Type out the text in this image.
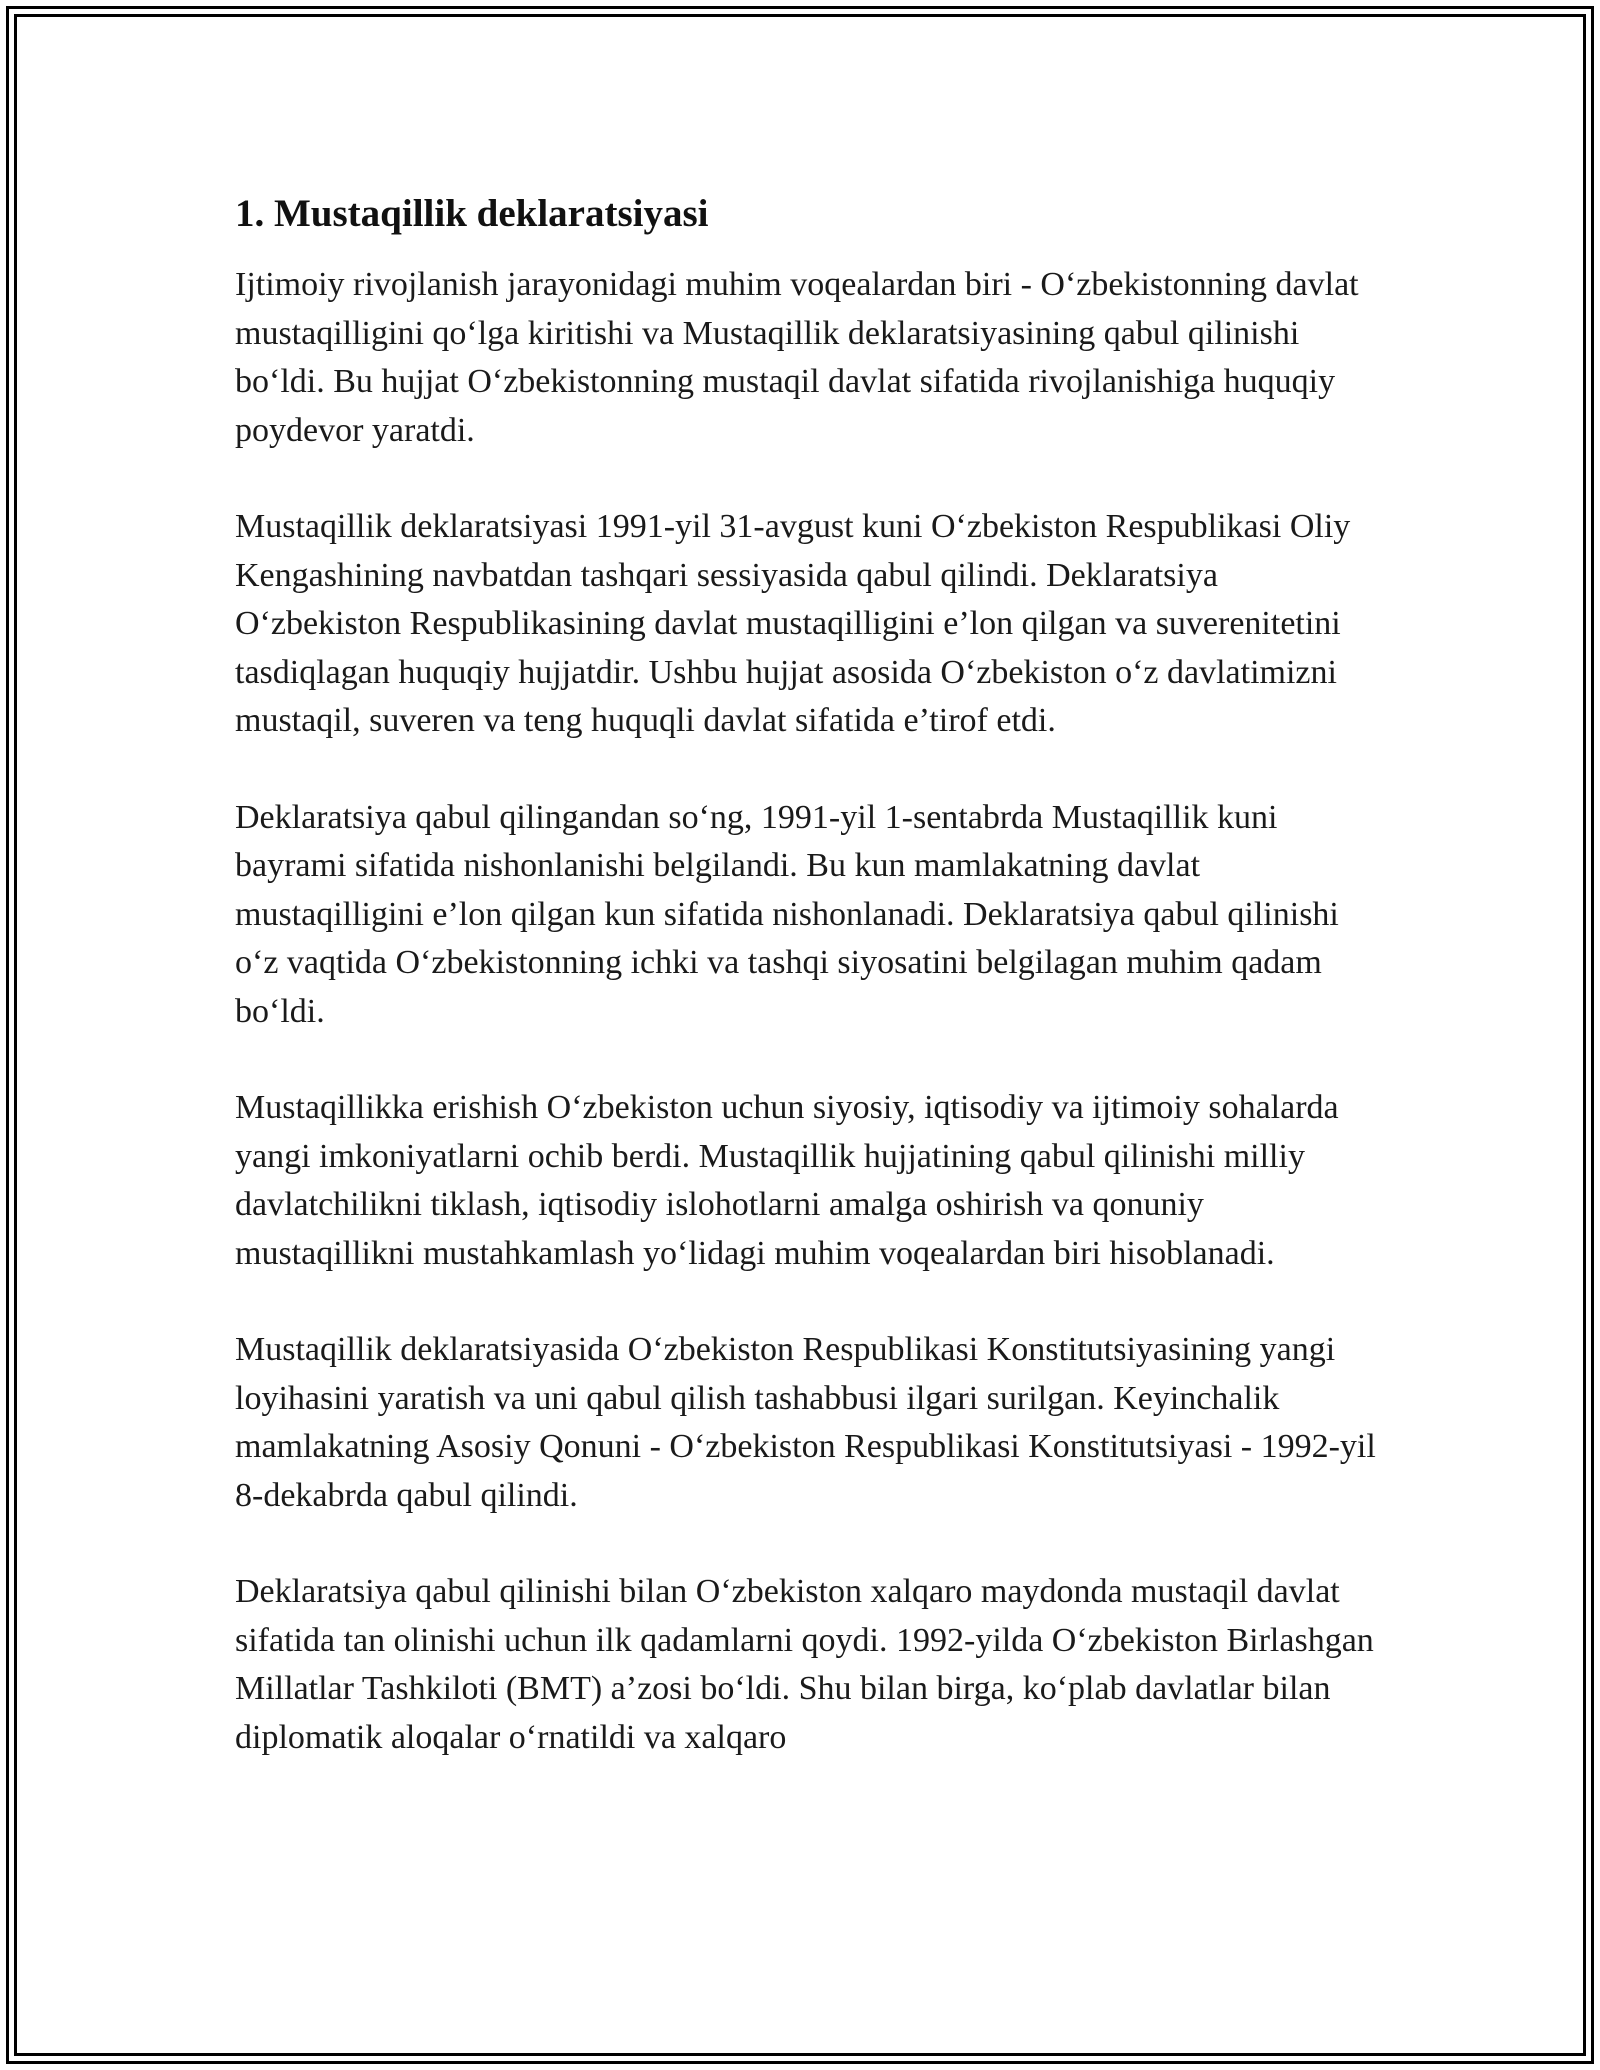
1. Mustaqillik deklaratsiyasi

Ijtimoiy rivojlanish jarayonidagi muhim voqealardan biri - O‘zbekistonning davlat mustaqilligini qo‘lga kiritishi va Mustaqillik deklaratsiyasining qabul qilinishi bo‘ldi. Bu hujjat O‘zbekistonning mustaqil davlat sifatida rivojlanishiga huquqiy poydevor yaratdi.

Mustaqillik deklaratsiyasi 1991-yil 31-avgust kuni O‘zbekiston Respublikasi Oliy Kengashining navbatdan tashqari sessiyasida qabul qilindi. Deklaratsiya O‘zbekiston Respublikasining davlat mustaqilligini e’lon qilgan va suverenitetini tasdiqlagan huquqiy hujjatdir. Ushbu hujjat asosida O‘zbekiston o‘z davlatimizni mustaqil, suveren va teng huquqli davlat sifatida e’tirof etdi.

Deklaratsiya qabul qilingandan so‘ng, 1991-yil 1-sentabrda Mustaqillik kuni bayrami sifatida nishonlanishi belgilandi. Bu kun mamlakatning davlat mustaqilligini e’lon qilgan kun sifatida nishonlanadi. Deklaratsiya qabul qilinishi o‘z vaqtida O‘zbekistonning ichki va tashqi siyosatini belgilagan muhim qadam bo‘ldi.

Mustaqillikka erishish O‘zbekiston uchun siyosiy, iqtisodiy va ijtimoiy sohalarda yangi imkoniyatlarni ochib berdi. Mustaqillik hujjatining qabul qilinishi milliy davlatchilikni tiklash, iqtisodiy islohotlarni amalga oshirish va qonuniy mustaqillikni mustahkamlash yo‘lidagi muhim voqealardan biri hisoblanadi.

Mustaqillik deklaratsiyasida O‘zbekiston Respublikasi Konstitutsiyasining yangi loyihasini yaratish va uni qabul qilish tashabbusi ilgari surilgan. Keyinchalik mamlakatning Asosiy Qonuni - O‘zbekiston Respublikasi Konstitutsiyasi - 1992-yil 8-dekabrda qabul qilindi.

Deklaratsiya qabul qilinishi bilan O‘zbekiston xalqaro maydonda mustaqil davlat sifatida tan olinishi uchun ilk qadamlarni qoydi. 1992-yilda O‘zbekiston Birlashgan Millatlar Tashkiloti (BMT) a’zosi bo‘ldi. Shu bilan birga, ko‘plab davlatlar bilan diplomatik aloqalar o‘rnatildi va xalqaro
